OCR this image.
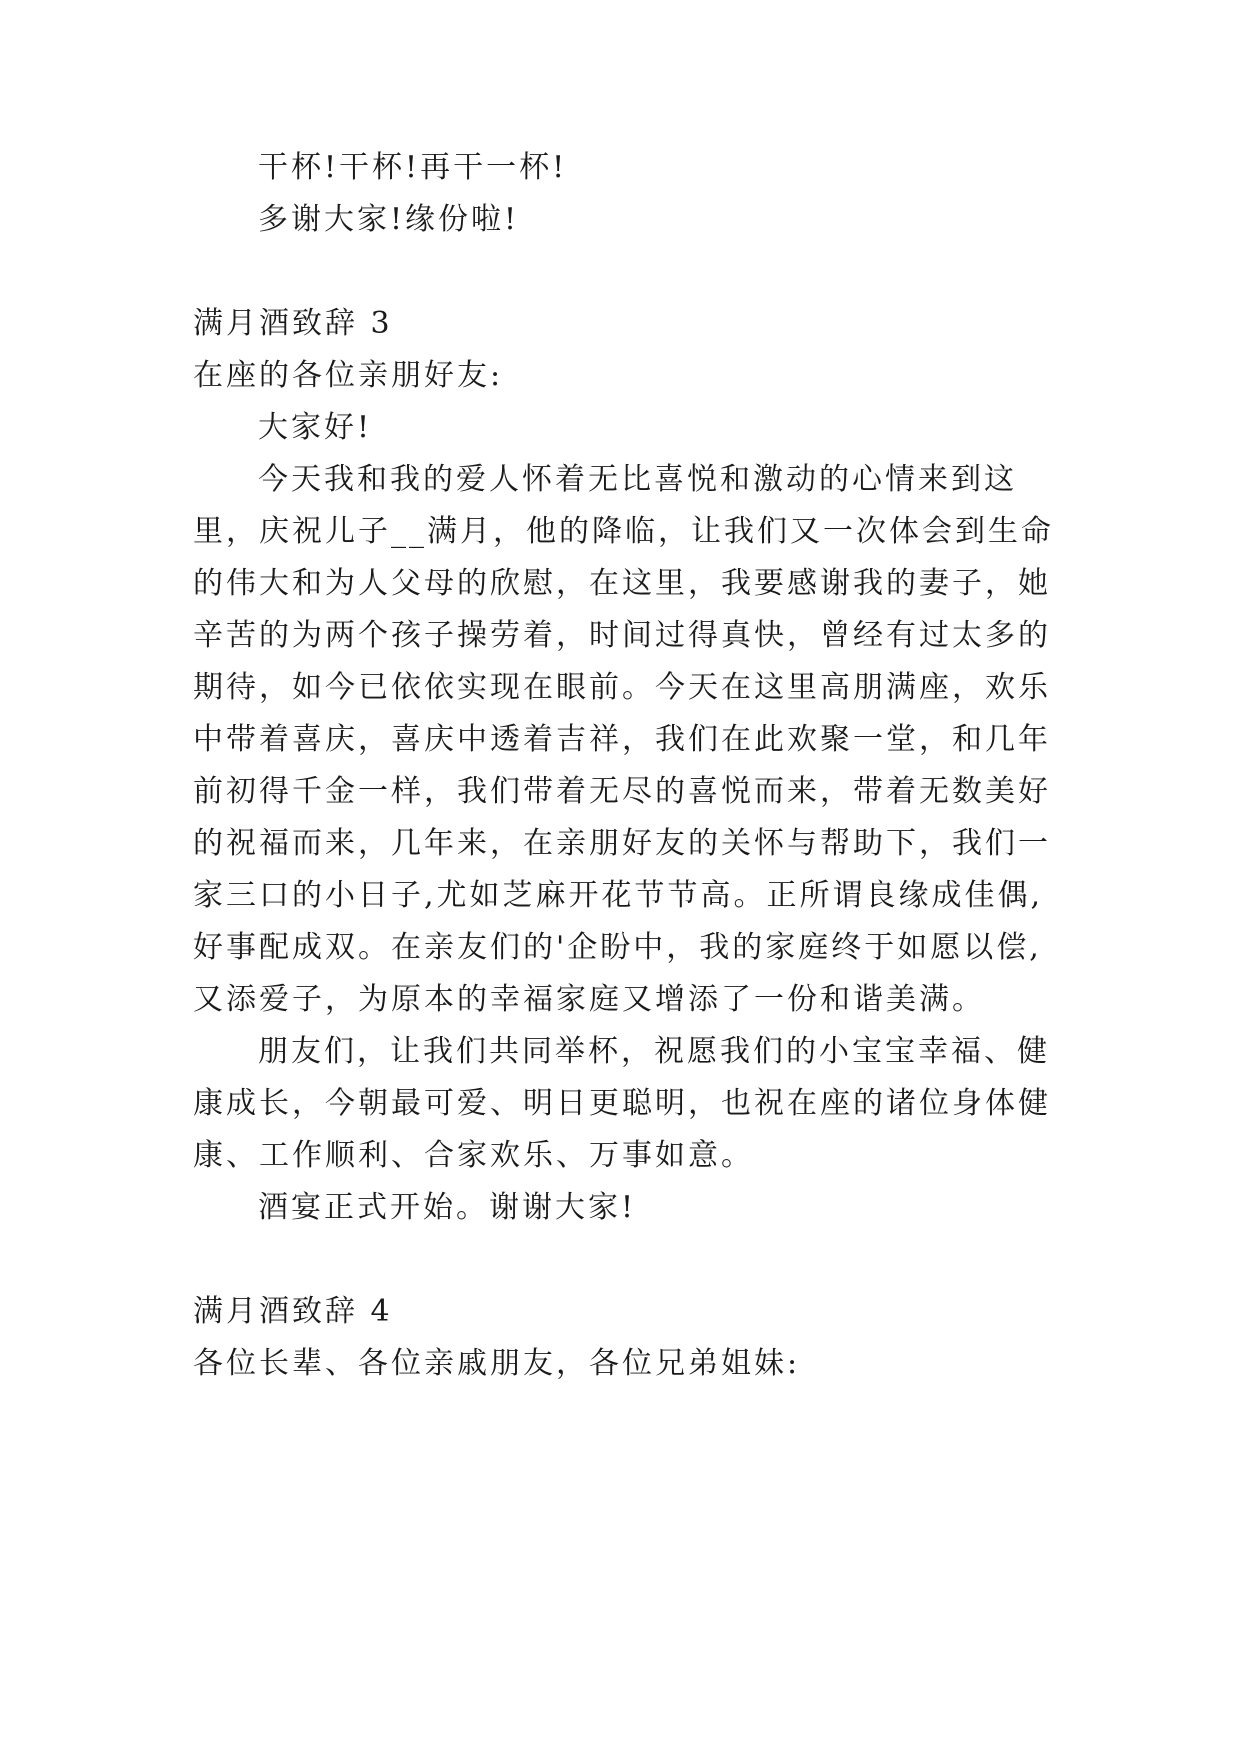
干杯!干杯!再干一杯!
多谢大家!缘份啦!
满月酒致辞 3
在座的各位亲朋好友:
大家好!
今天我和我的爱人怀着无比喜悦和激动的心情来到这
里，庆祝儿子__满月，他的降临，让我们又一次体会到生命
的伟大和为人父母的欣慰，在这里，我要感谢我的妻子，她
辛苦的为两个孩子操劳着，时间过得真快，曾经有过太多的
期待，如今已依依实现在眼前。今天在这里高朋满座，欢乐
中带着喜庆，喜庆中透着吉祥，我们在此欢聚一堂，和几年
前初得千金一样，我们带着无尽的喜悦而来，带着无数美好
的祝福而来，几年来，在亲朋好友的关怀与帮助下，我们一
家三口的小日子,尤如芝麻开花节节高。正所谓良缘成佳偶,
好事配成双。在亲友们的'企盼中，我的家庭终于如愿以偿,
又添爱子，为原本的幸福家庭又增添了一份和谐美满。
朋友们，让我们共同举杯，祝愿我们的小宝宝幸福、健
康成长，今朝最可爱、明日更聪明，也祝在座的诸位身体健
康、工作顺利、合家欢乐、万事如意。
酒宴正式开始。谢谢大家!
满月酒致辞 4
各位长辈、各位亲戚朋友，各位兄弟姐妹:
